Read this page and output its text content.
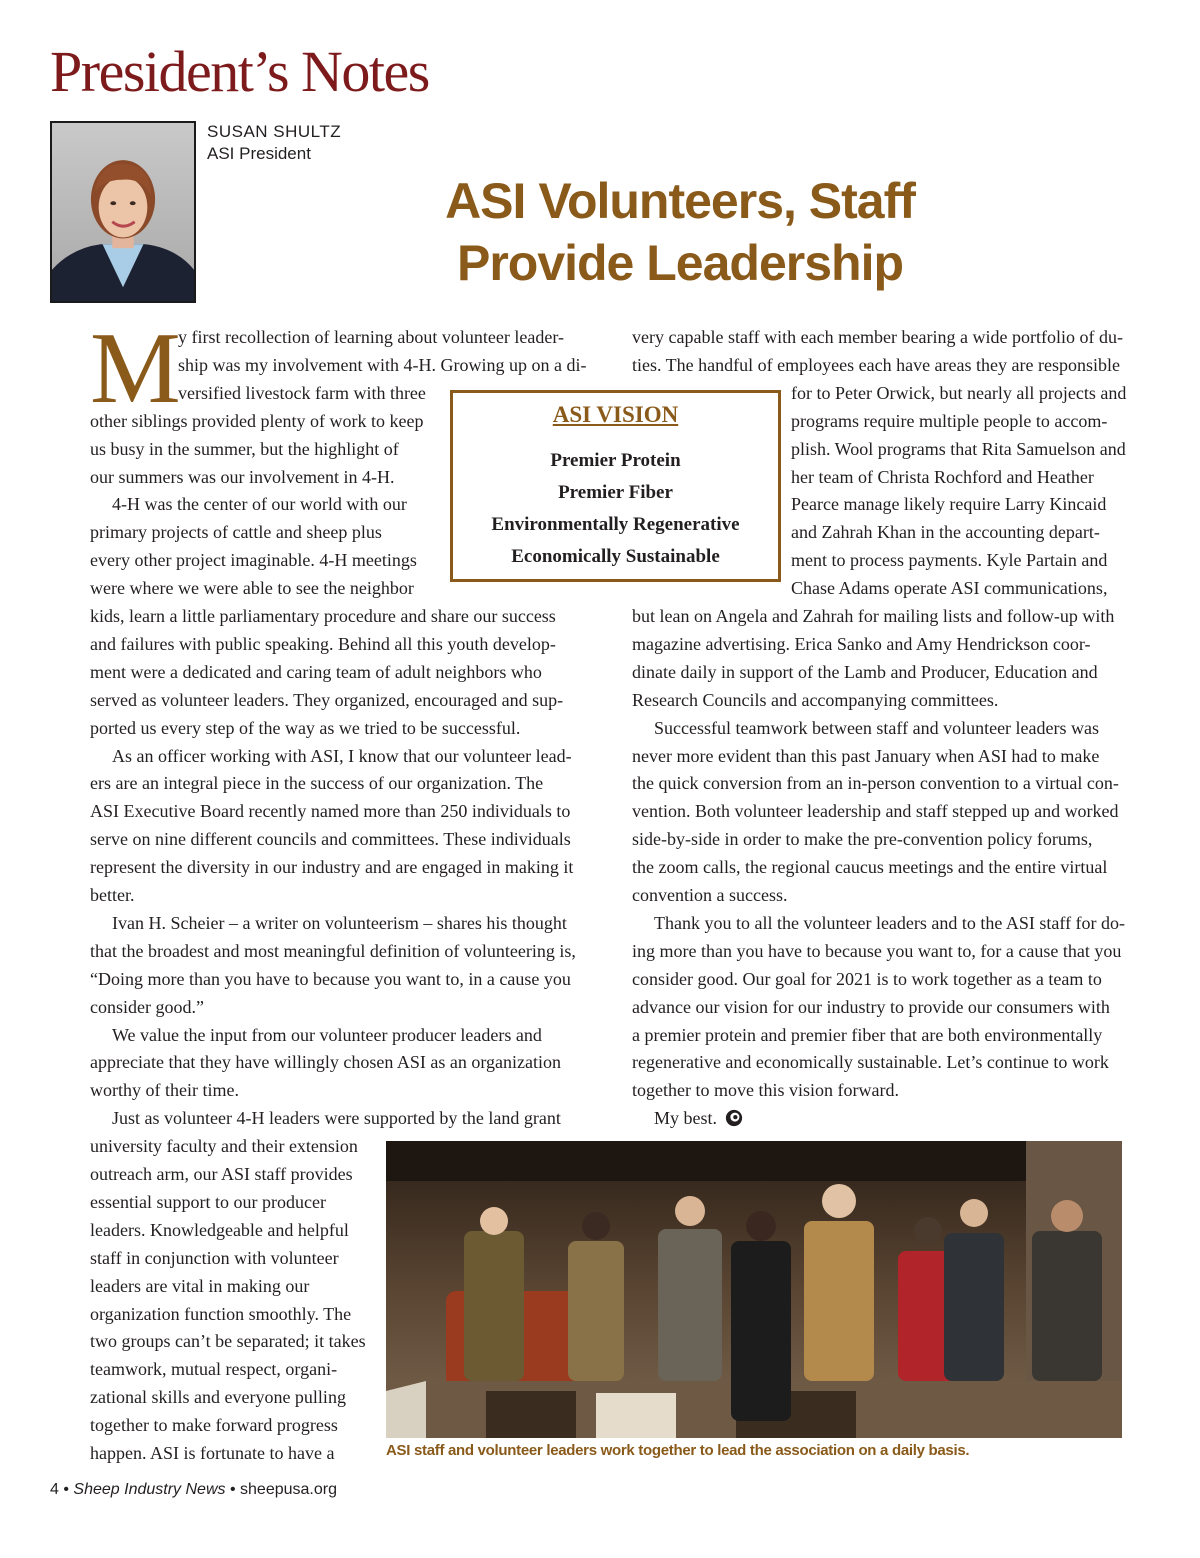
President’s Notes
SUSAN SHULTZ
ASI President
ASI Volunteers, Staff
Provide Leadership
M	ASI VISION
Premier Protein
Premier Fiber
Environmentally Regenerative
Economically Sustainable
y first recollection of learning about volunteer leader-
ship was my involvement with 4-H. Growing up on a di-
versified livestock farm with three
other siblings provided plenty of work to keep
us busy in the summer, but the highlight of
our summers was our involvement in 4-H.
4-H was the center of our world with our
primary projects of cattle and sheep plus
every other project imaginable. 4-H meetings
were where we were able to see the neighbor
kids, learn a little parliamentary procedure and share our success
and failures with public speaking. Behind all this youth develop-
ment were a dedicated and caring team of adult neighbors who
served as volunteer leaders. They organized, encouraged and sup-
ported us every step of the way as we tried to be successful.
As an officer working with ASI, I know that our volunteer lead-
ers are an integral piece in the success of our organization. The
ASI Executive Board recently named more than 250 individuals to
serve on nine different councils and committees. These individuals
represent the diversity in our industry and are engaged in making it
better.
Ivan H. Scheier – a writer on volunteerism – shares his thought
that the broadest and most meaningful definition of volunteering is,
“Doing more than you have to because you want to, in a cause you
consider good.”
We value the input from our volunteer producer leaders and
appreciate that they have willingly chosen ASI as an organization
worthy of their time.
Just as volunteer 4-H leaders were supported by the land grant
university faculty and their extension
outreach arm, our ASI staff provides
essential support to our producer
leaders. Knowledgeable and helpful
staff in conjunction with volunteer
leaders are vital in making our
organization function smoothly. The
two groups can’t be separated; it takes
teamwork, mutual respect, organi-
zational skills and everyone pulling
together to make forward progress
happen. ASI is fortunate to have a
very capable staff with each member bearing a wide portfolio of du-
ties. The handful of employees each have areas they are responsible
for to Peter Orwick, but nearly all projects and
programs require multiple people to accom-
plish. Wool programs that Rita Samuelson and
her team of Christa Rochford and Heather
Pearce manage likely require Larry Kincaid
and Zahrah Khan in the accounting depart-
ment to process payments. Kyle Partain and
Chase Adams operate ASI communications,
but lean on Angela and Zahrah for mailing lists and follow-up with
magazine advertising. Erica Sanko and Amy Hendrickson coor-
dinate daily in support of the Lamb and Producer, Education and
Research Councils and accompanying committees.
Successful teamwork between staff and volunteer leaders was
never more evident than this past January when ASI had to make
the quick conversion from an in-person convention to a virtual con-
vention. Both volunteer leadership and staff stepped up and worked
side-by-side in order to make the pre-convention policy forums,
the zoom calls, the regional caucus meetings and the entire virtual
convention a success.
Thank you to all the volunteer leaders and to the ASI staff for do-
ing more than you have to because you want to, for a cause that you
consider good. Our goal for 2021 is to work together as a team to
advance our vision for our industry to provide our consumers with
a premier protein and premier fiber that are both environmentally
regenerative and economically sustainable. Let’s continue to work
together to move this vision forward.
My best.
ASI staff and volunteer leaders work together to lead the association on a daily basis.
4 • Sheep Industry News • sheepusa.org
